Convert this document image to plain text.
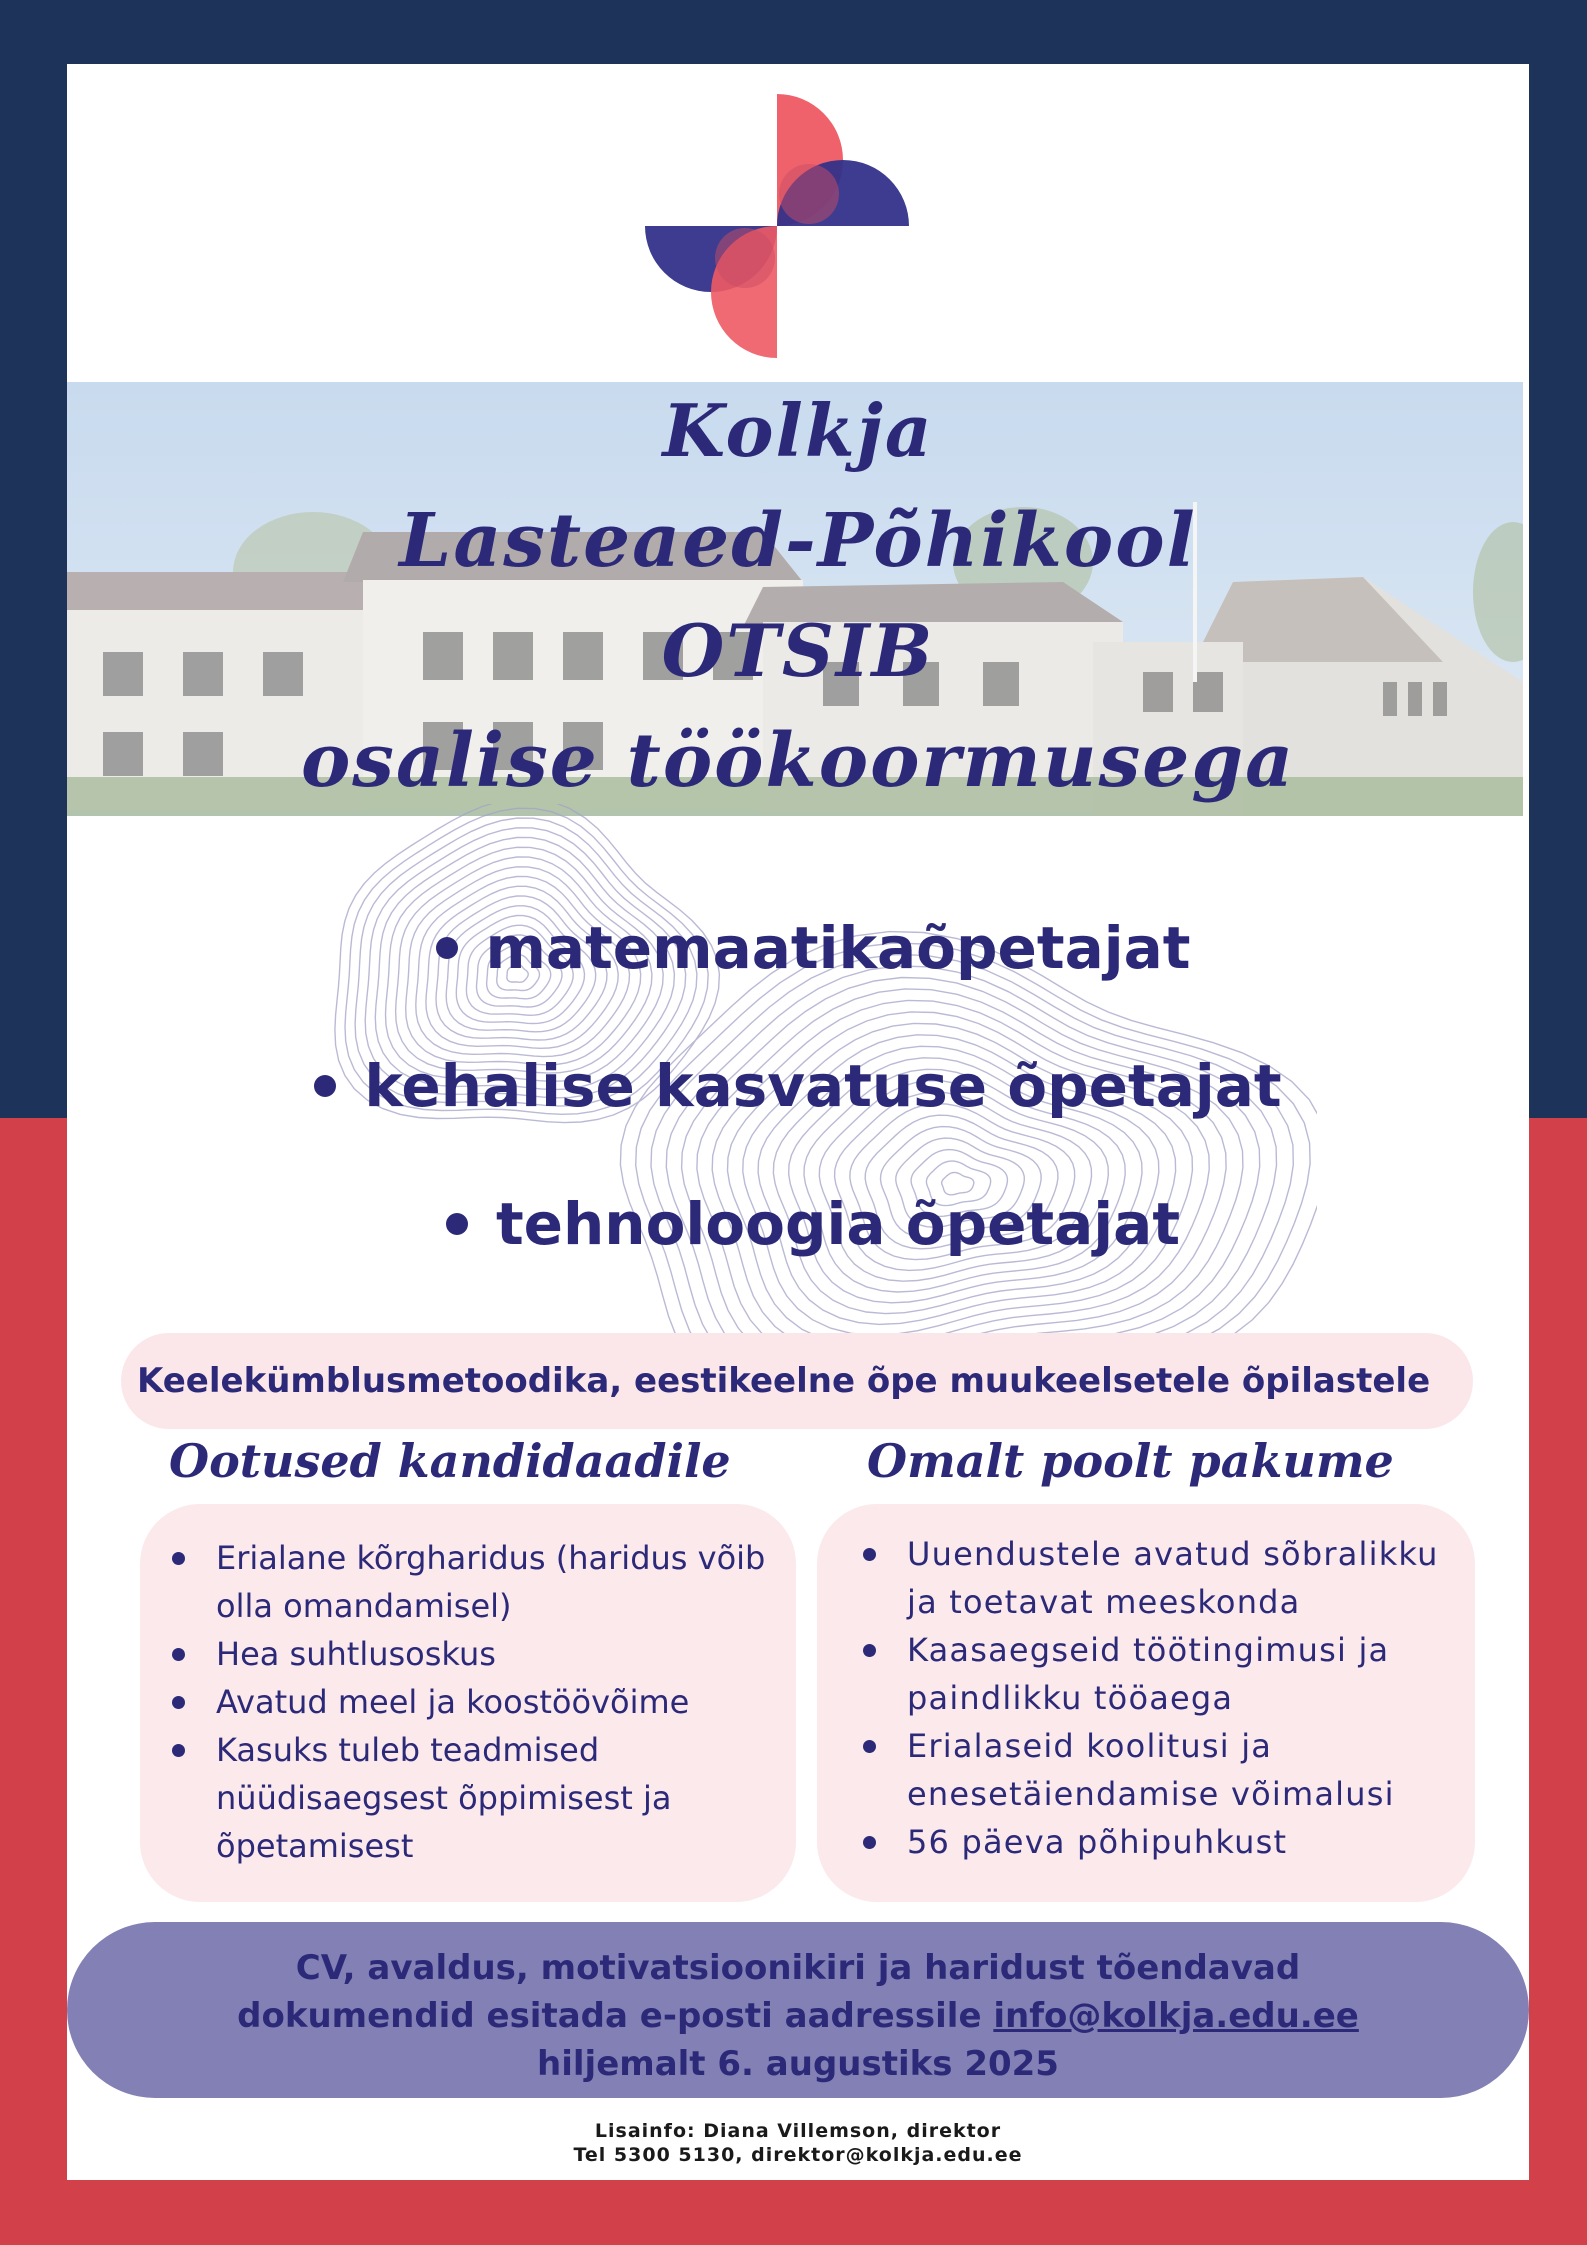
Kolkja
Lasteaed-Põhikool
OTSIB
osalise töökoormusega
matemaatikaõpetajat
kehalise kasvatuse õpetajat
tehnoloogia õpetajat
Keelekümblusmetoodika, eestikeelne õpe muukeelsetele õpilastele
Ootused kandidaadile	Omalt poolt pakume
Erialane kõrgharidus (haridus võib olla omandamisel)
Hea suhtlusoskus
Avatud meel ja koostöövõime
Kasuks tuleb teadmised nüüdisaegsest õppimisest ja õpetamisest
Uuendustele avatud sõbralikku ja toetavat meeskonda
Kaasaegseid töötingimusi ja paindlikku tööaega
Erialaseid koolitusi ja enesetäiendamise võimalusi
56 päeva põhipuhkust
CV, avaldus, motivatsioonikiri ja haridust tõendavad
dokumendid esitada e-posti aadressile info@kolkja.edu.ee
hiljemalt 6. augustiks 2025
Lisainfo: Diana Villemson, direktor
Tel 5300 5130, direktor@kolkja.edu.ee
